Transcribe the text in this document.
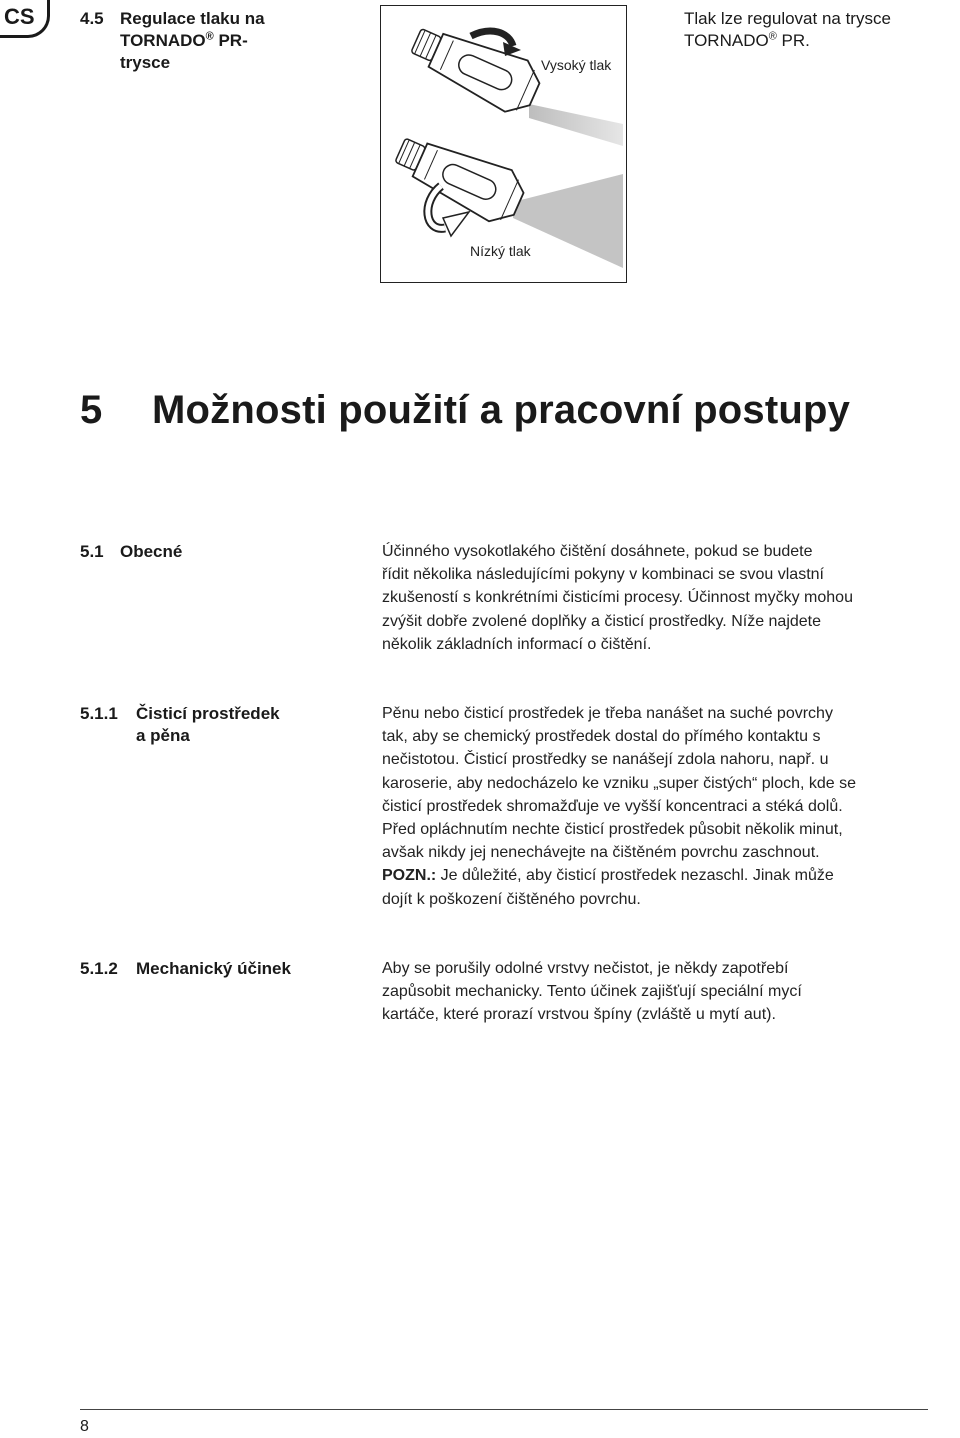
CS	4.5 Regulace tlaku na
TORNADO® PR-
trysce
Tlak lze regulovat na trysce
TORNADO® PR.
Vysoký tlak
Nízký tlak
5 Možnosti použití a pracovní postupy
5.1 Obecné	Účinného vysokotlakého čištění dosáhnete, pokud se budete
řídit několika následujícími pokyny v kombinaci se svou vlastní
zkušeností s konkrétními čisticími procesy. Účinnost myčky mohou
zvýšit dobře zvolené doplňky a čisticí prostředky. Níže najdete
několik základních informací o čištění.
5.1.1 Čisticí prostředek
a pěna
Pěnu nebo čisticí prostředek je třeba nanášet na suché povrchy
tak, aby se chemický prostředek dostal do přímého kontaktu s
nečistotou. Čisticí prostředky se nanášejí zdola nahoru, např. u
karoserie, aby nedocházelo ke vzniku „super čistých“ ploch, kde se
čisticí prostředek shromažďuje ve vyšší koncentraci a stéká dolů.
Před opláchnutím nechte čisticí prostředek působit několik minut,
avšak nikdy jej nenechávejte na čištěném povrchu zaschnout.
POZN.: Je důležité, aby čisticí prostředek nezaschl. Jinak může
dojít k poškození čištěného povrchu.
5.1.2 Mechanický účinek	Aby se porušily odolné vrstvy nečistot, je někdy zapotřebí
zapůsobit mechanicky. Tento účinek zajišťují speciální mycí
kartáče, které prorazí vrstvou špíny (zvláště u mytí aut).
8
